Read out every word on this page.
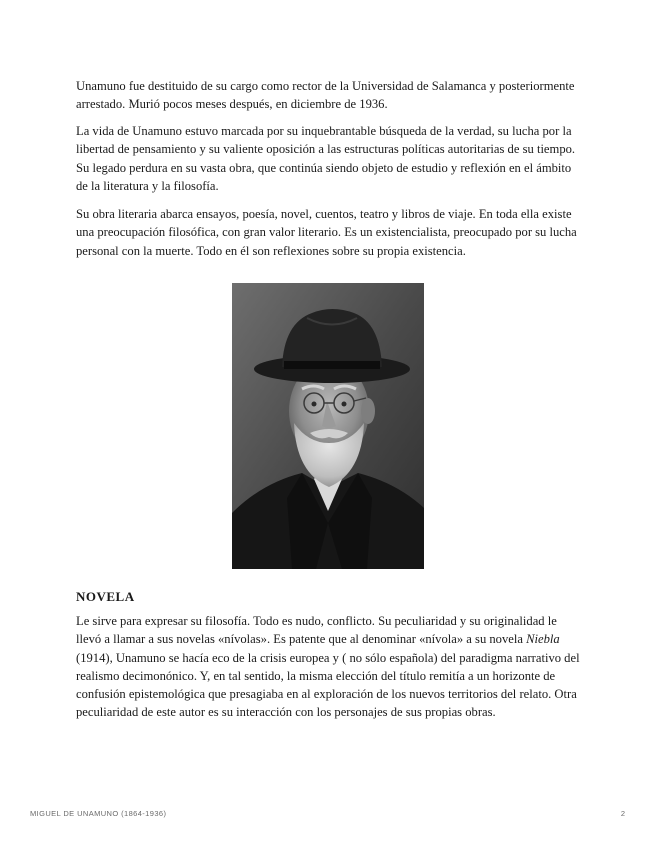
Unamuno fue destituido de su cargo como rector de la Universidad de Salamanca y posteriormente arrestado. Murió pocos meses después, en diciembre de 1936.

La vida de Unamuno estuvo marcada por su inquebrantable búsqueda de la verdad, su lucha por la libertad de pensamiento y su valiente oposición a las estructuras políticas autoritarias de su tiempo. Su legado perdura en su vasta obra, que continúa siendo objeto de estudio y reflexión en el ámbito de la literatura y la filosofía.

Su obra literaria abarca ensayos, poesía, novel, cuentos, teatro y libros de viaje. En toda ella existe una preocupación filosófica, con gran valor literario. Es un existencialista, preocupado por su lucha personal con la muerte. Todo en él son reflexiones sobre su propia existencia.

NOVELA

Le sirve para expresar su filosofía. Todo es nudo, conflicto. Su peculiaridad y su originalidad le llevó a llamar a sus novelas «nívolas». Es patente que al denominar «nívola» a su novela Niebla (1914), Unamuno se hacía eco de la crisis europea y ( no sólo española) del paradigma narrativo del realismo decimonónico. Y, en tal sentido, la misma elección del título remitía a un horizonte de confusión epistemológica que presagiaba en al exploración de los nuevos territorios del relato. Otra peculiaridad de este autor es su interacción con los personajes de sus propias obras.

MIGUEL DE UNAMUNO (1864-1936)	2
